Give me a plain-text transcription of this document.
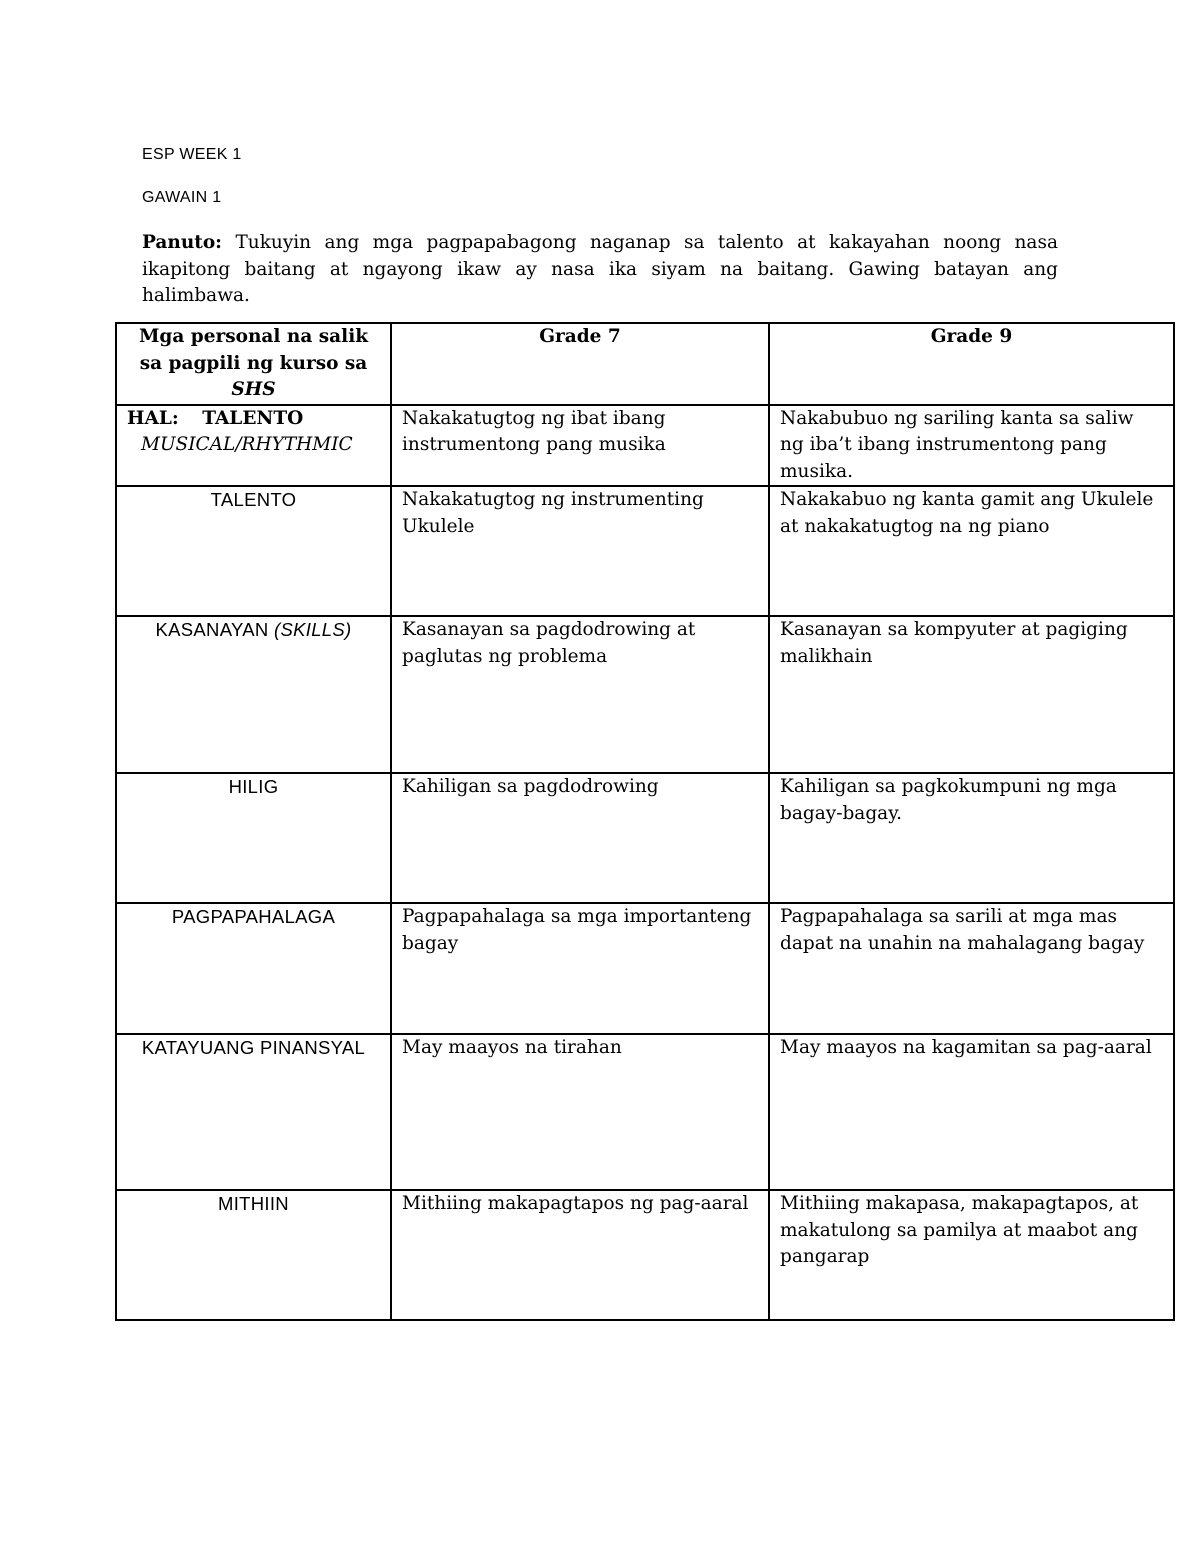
ESP WEEK 1
GAWAIN 1
Panuto: Tukuyin ang mga pagpapabagong naganap sa talento at kakayahan noong nasa ikapitong baitang at ngayong ikaw ay nasa ika siyam na baitang. Gawing batayan ang halimbawa.
Mga personal na salik sa pagpili ng kurso sa SHS	Grade 7	Grade 9
HAL: TALENTO
MUSICAL/RHYTHMIC	Nakakatugtog ng ibat ibang instrumentong pang musika	Nakabubuo ng sariling kanta sa saliw ng iba’t ibang instrumentong pang musika.
TALENTO	Nakakatugtog ng instrumenting Ukulele	Nakakabuo ng kanta gamit ang Ukulele at nakakatugtog na ng piano
KASANAYAN (SKILLS)	Kasanayan sa pagdodrowing at paglutas ng problema	Kasanayan sa kompyuter at pagiging malikhain
HILIG	Kahiligan sa pagdodrowing	Kahiligan sa pagkokumpuni ng mga bagay-bagay.
PAGPAPAHALAGA	Pagpapahalaga sa mga importanteng bagay	Pagpapahalaga sa sarili at mga mas dapat na unahin na mahalagang bagay
KATAYUANG PINANSYAL	May maayos na tirahan	May maayos na kagamitan sa pag-aaral
MITHIIN	Mithiing makapagtapos ng pag-aaral	Mithiing makapasa, makapagtapos, at makatulong sa pamilya at maabot ang pangarap
